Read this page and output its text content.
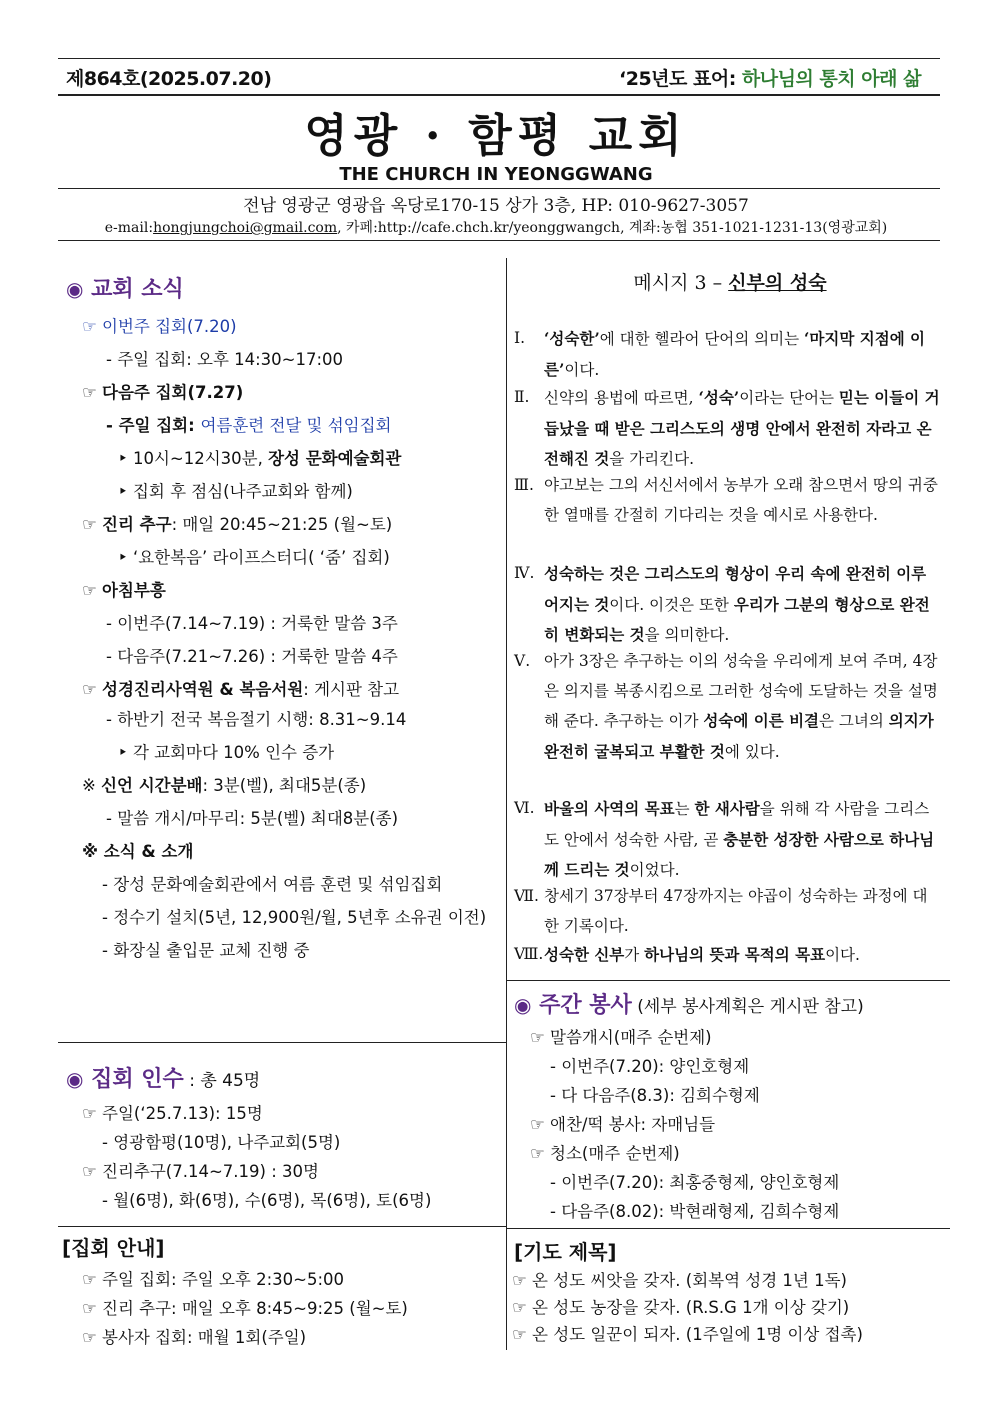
제864호(2025.07.20)	‘25년도 표어: 하나님의 통치 아래 삶
영광 · 함평 교회
THE CHURCH IN YEONGGWANG
전남 영광군 영광읍 옥당로170-15 상가 3층, HP: 010-9627-3057
e-mail:hongjungchoi@gmail.com, 카페:http://cafe.chch.kr/yeonggwangch, 계좌:농협 351-1021-1231-13(영광교회)
◉ 교회 소식
☞ 이번주 집회(7.20)
- 주일 집회: 오후 14:30~17:00
☞ 다음주 집회(7.27)
- 주일 집회: 여름훈련 전달 및 섞임집회
‣ 10시~12시30분, 장성 문화예술회관
‣ 집회 후 점심(나주교회와 함께)
☞ 진리 추구: 매일 20:45~21:25 (월~토)
‣ ‘요한복음’ 라이프스터디( ‘줌’ 집회)
☞ 아침부흥
- 이번주(7.14~7.19) : 거룩한 말씀 3주
- 다음주(7.21~7.26) : 거룩한 말씀 4주
☞ 성경진리사역원 & 복음서원: 게시판 참고
- 하반기 전국 복음절기 시행: 8.31~9.14
‣ 각 교회마다 10% 인수 증가
※ 신언 시간분배: 3분(벨), 최대5분(종)
- 말씀 개시/마무리: 5분(벨) 최대8분(종)
※ 소식 & 소개
- 장성 문화예술회관에서 여름 훈련 및 섞임집회
- 정수기 설치(5년, 12,900원/월, 5년후 소유권 이전)
- 화장실 출입문 교체 진행 중
◉ 집회 인수 : 총 45명
☞ 주일(‘25.7.13): 15명
- 영광함평(10명), 나주교회(5명)
☞ 진리추구(7.14~7.19) : 30명
- 월(6명), 화(6명), 수(6명), 목(6명), 토(6명)
[집회 안내]
☞ 주일 집회: 주일 오후 2:30~5:00
☞ 진리 추구: 매일 오후 8:45~9:25 (월~토)
☞ 봉사자 집회: 매월 1회(주일)
메시지 3 – 신부의 성숙
Ⅰ. ‘성숙한’에 대한 헬라어 단어의 의미는 ‘마지막 지점에 이른’이다.
Ⅱ. 신약의 용법에 따르면, ‘성숙’이라는 단어는 믿는 이들이 거듭났을 때 받은 그리스도의 생명 안에서 완전히 자라고 온전해진 것을 가리킨다.
Ⅲ. 야고보는 그의 서신서에서 농부가 오래 참으면서 땅의 귀중한 열매를 간절히 기다리는 것을 예시로 사용한다.
Ⅳ. 성숙하는 것은 그리스도의 형상이 우리 속에 완전히 이루어지는 것이다. 이것은 또한 우리가 그분의 형상으로 완전히 변화되는 것을 의미한다.
Ⅴ. 아가 3장은 추구하는 이의 성숙을 우리에게 보여 주며, 4장은 의지를 복종시킴으로 그러한 성숙에 도달하는 것을 설명해 준다. 추구하는 이가 성숙에 이른 비결은 그녀의 의지가 완전히 굴복되고 부활한 것에 있다.
Ⅵ. 바울의 사역의 목표는 한 새사람을 위해 각 사람을 그리스도 안에서 성숙한 사람, 곧 충분한 성장한 사람으로 하나님께 드리는 것이었다.
Ⅶ. 창세기 37장부터 47장까지는 야곱이 성숙하는 과정에 대한 기록이다.
Ⅷ. 성숙한 신부가 하나님의 뜻과 목적의 목표이다.
◉ 주간 봉사 (세부 봉사계획은 게시판 참고)
☞ 말씀개시(매주 순번제)
- 이번주(7.20): 양인호형제
- 다 다음주(8.3): 김희수형제
☞ 애찬/떡 봉사: 자매님들
☞ 청소(매주 순번제)
- 이번주(7.20): 최홍중형제, 양인호형제
- 다음주(8.02): 박현래형제, 김희수형제
[기도 제목]
☞ 온 성도 씨앗을 갖자. (회복역 성경 1년 1독)
☞ 온 성도 농장을 갖자. (R.S.G 1개 이상 갖기)
☞ 온 성도 일꾼이 되자. (1주일에 1명 이상 접촉)
